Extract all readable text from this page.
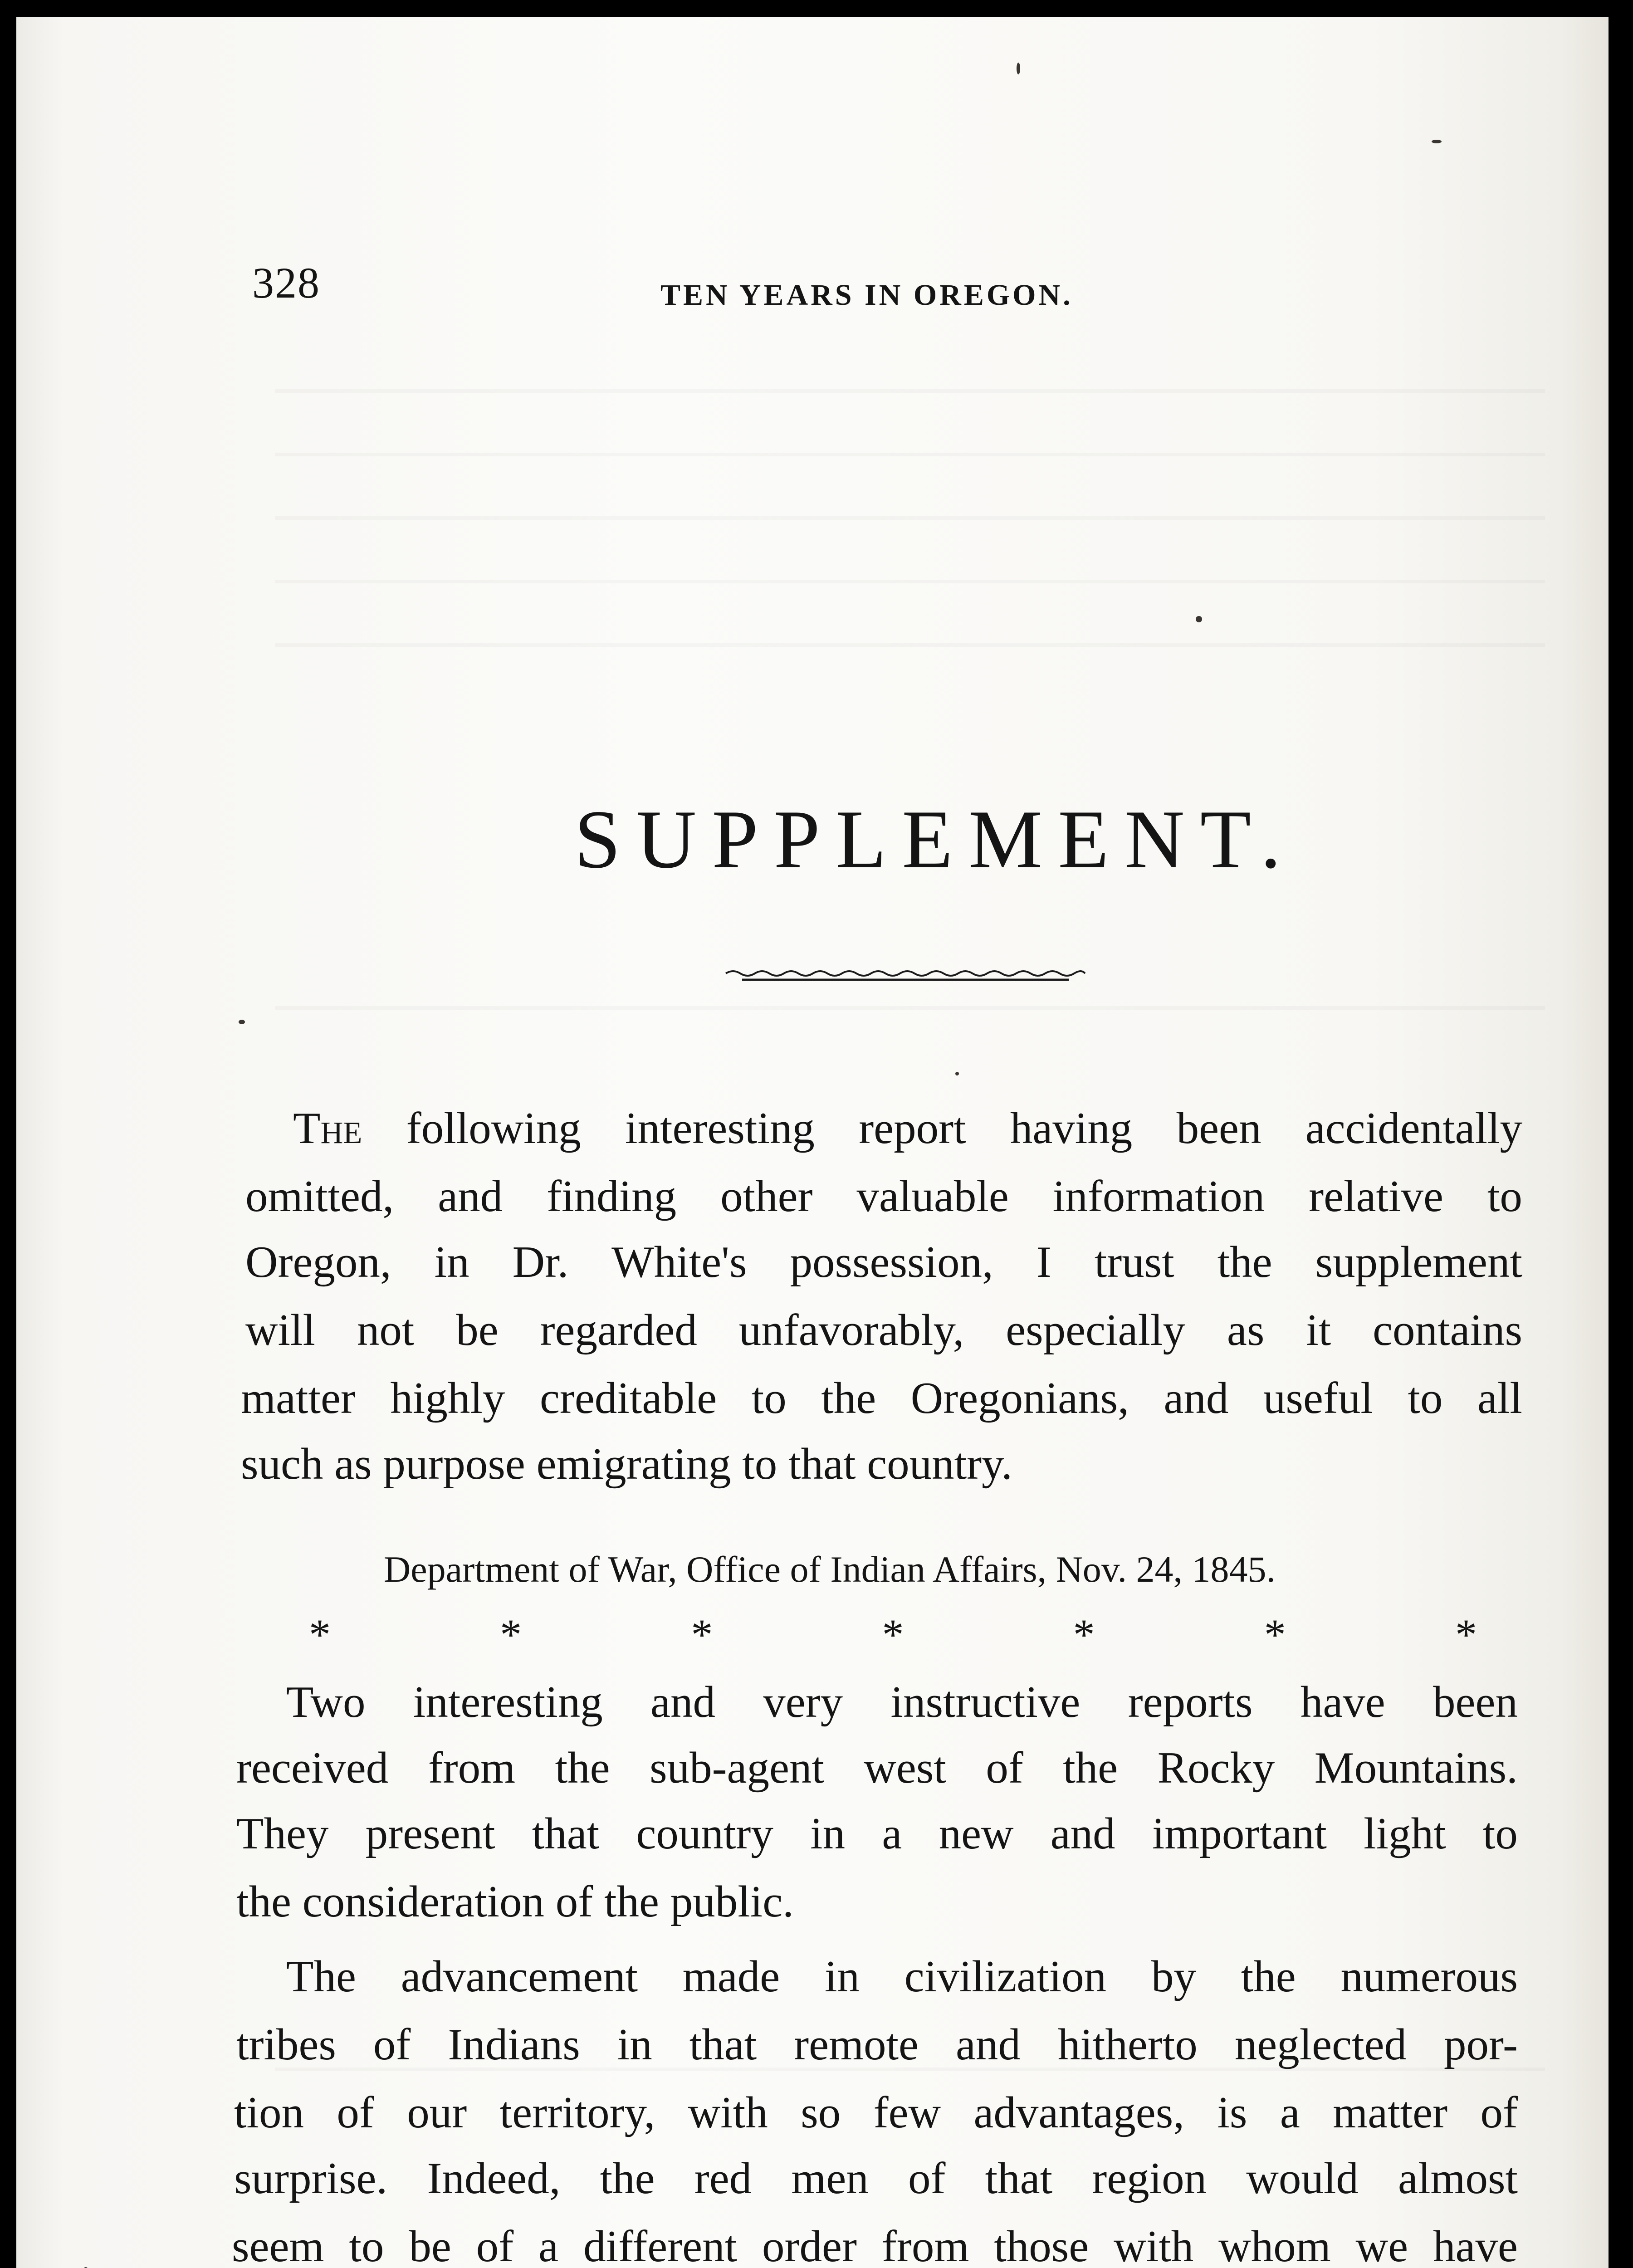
328	TEN YEARS IN OREGON.
SUPPLEMENT.
The following interesting report having been accidentally
omitted, and finding other valuable information relative to
Oregon, in Dr. White's possession, I trust the supplement
will not be regarded unfavorably, especially as it contains
matter highly creditable to the Oregonians, and useful to all
such as purpose emigrating to that country.
Two interesting and very instructive reports have been
received from the sub-agent west of the Rocky Mountains.
They present that country in a new and important light to
the consideration of the public.
The advancement made in civilization by the numerous
tribes of Indians in that remote and hitherto neglected por-
tion of our territory, with so few advantages, is a matter of
surprise. Indeed, the red men of that region would almost
seem to be of a different order from those with whom we have
Department of War, Office of Indian Affairs, Nov. 24, 1845.
*	*	*	*	*	*	*
